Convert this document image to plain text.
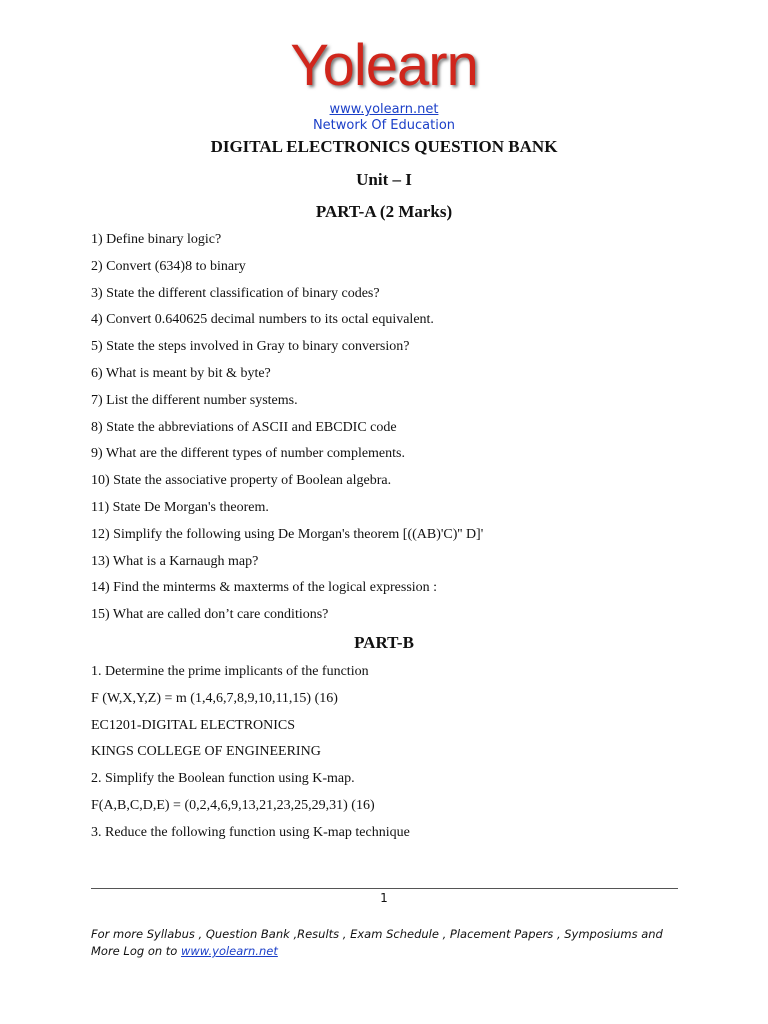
Yolearn
www.yolearn.net
Network Of Education
DIGITAL ELECTRONICS QUESTION BANK
Unit – I
PART-A (2 Marks)
1) Define binary logic?
2) Convert (634)8 to binary
3) State the different classification of binary codes?
4) Convert 0.640625 decimal numbers to its octal equivalent.
5) State the steps involved in Gray to binary conversion?
6) What is meant by bit & byte?
7) List the different number systems.
8) State the abbreviations of ASCII and EBCDIC code
9) What are the different types of number complements.
10) State the associative property of Boolean algebra.
11) State De Morgan's theorem.
12) Simplify the following using De Morgan's theorem [((AB)'C)'' D]'
13) What is a Karnaugh map?
14) Find the minterms & maxterms of the logical expression :
15) What are called don’t care conditions?
PART-B
1. Determine the prime implicants of the function
F (W,X,Y,Z) = m (1,4,6,7,8,9,10,11,15) (16)
EC1201-DIGITAL ELECTRONICS
KINGS COLLEGE OF ENGINEERING
2. Simplify the Boolean function using K-map.
F(A,B,C,D,E) = (0,2,4,6,9,13,21,23,25,29,31) (16)
3. Reduce the following function using K-map technique
1
For more Syllabus , Question Bank ,Results , Exam Schedule , Placement Papers , Symposiums and More Log on to www.yolearn.net
